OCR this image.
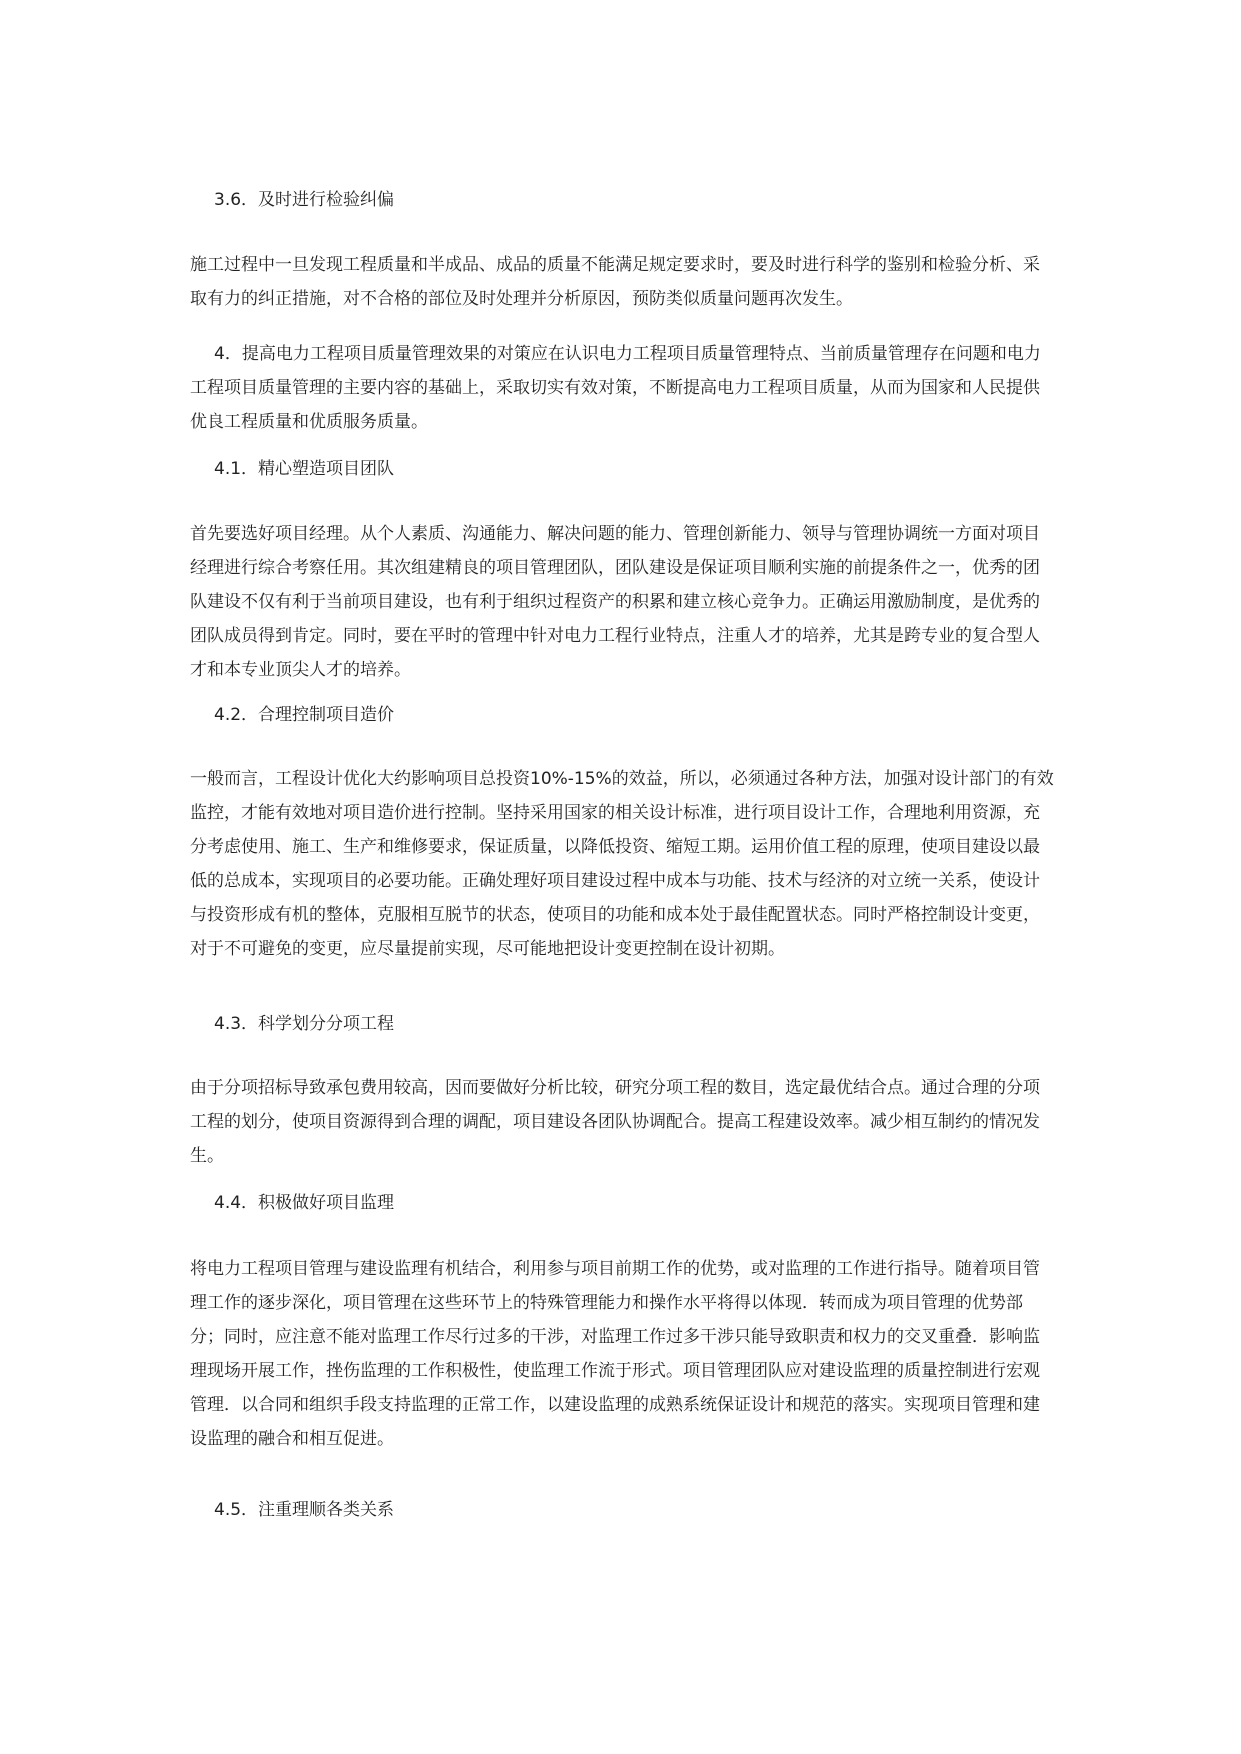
3.6．及时进行检验纠偏
施工过程中一旦发现工程质量和半成品、成品的质量不能满足规定要求时，要及时进行科学的鉴别和检验分析、采取有力的纠正措施，对不合格的部位及时处理并分析原因，预防类似质量问题再次发生。
4．提高电力工程项目质量管理效果的对策应在认识电力工程项目质量管理特点、当前质量管理存在问题和电力工程项目质量管理的主要内容的基础上，采取切实有效对策，不断提高电力工程项目质量，从而为国家和人民提供优良工程质量和优质服务质量。
4.1．精心塑造项目团队
首先要选好项目经理。从个人素质、沟通能力、解决问题的能力、管理创新能力、领导与管理协调统一方面对项目经理进行综合考察任用。其次组建精良的项目管理团队，团队建设是保证项目顺利实施的前提条件之一，优秀的团队建设不仅有利于当前项目建设，也有利于组织过程资产的积累和建立核心竞争力。正确运用激励制度，是优秀的团队成员得到肯定。同时，要在平时的管理中针对电力工程行业特点，注重人才的培养，尤其是跨专业的复合型人才和本专业顶尖人才的培养。
4.2．合理控制项目造价
一般而言，工程设计优化大约影响项目总投资10%-15%的效益，所以，必须通过各种方法，加强对设计部门的有效监控，才能有效地对项目造价进行控制。坚持采用国家的相关设计标准，进行项目设计工作，合理地利用资源，充分考虑使用、施工、生产和维修要求，保证质量，以降低投资、缩短工期。运用价值工程的原理，使项目建设以最低的总成本，实现项目的必要功能。正确处理好项目建设过程中成本与功能、技术与经济的对立统一关系，使设计与投资形成有机的整体，克服相互脱节的状态，使项目的功能和成本处于最佳配置状态。同时严格控制设计变更，对于不可避免的变更，应尽量提前实现，尽可能地把设计变更控制在设计初期。
4.3．科学划分分项工程
由于分项招标导致承包费用较高，因而要做好分析比较，研究分项工程的数目，选定最优结合点。通过合理的分项工程的划分，使项目资源得到合理的调配，项目建设各团队协调配合。提高工程建设效率。减少相互制约的情况发生。
4.4．积极做好项目监理
将电力工程项目管理与建设监理有机结合，利用参与项目前期工作的优势，或对监理的工作进行指导。随着项目管理工作的逐步深化，项目管理在这些环节上的特殊管理能力和操作水平将得以体现．转而成为项目管理的优势部分；同时，应注意不能对监理工作尽行过多的干涉，对监理工作过多干涉只能导致职责和权力的交叉重叠．影响监理现场开展工作，挫伤监理的工作积极性，使监理工作流于形式。项目管理团队应对建设监理的质量控制进行宏观管理．以合同和组织手段支持监理的正常工作，以建设监理的成熟系统保证设计和规范的落实。实现项目管理和建设监理的融合和相互促进。
4.5．注重理顺各类关系
